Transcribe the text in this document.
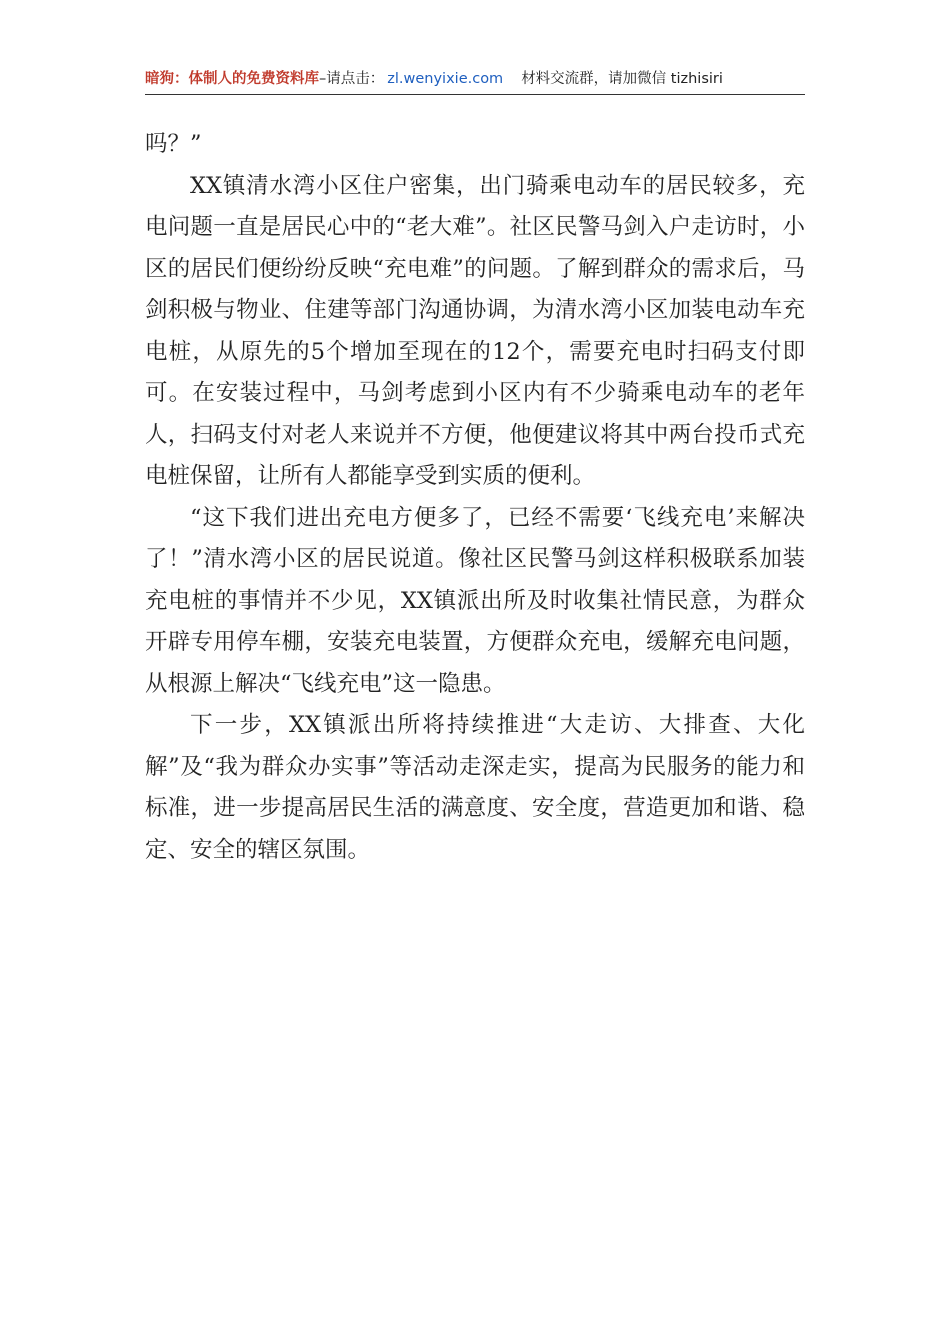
暗狗：体制人的免费资料库–请点击： zl.wenyixie.com 材料交流群，请加微信 tizhisiri

吗？”

XX镇清水湾小区住户密集，出门骑乘电动车的居民较多，充电问题一直是居民心中的“老大难”。社区民警马剑入户走访时，小区的居民们便纷纷反映“充电难”的问题。了解到群众的需求后，马剑积极与物业、住建等部门沟通协调，为清水湾小区加装电动车充电桩，从原先的5个增加至现在的12个，需要充电时扫码支付即可。在安装过程中，马剑考虑到小区内有不少骑乘电动车的老年人，扫码支付对老人来说并不方便，他便建议将其中两台投币式充电桩保留，让所有人都能享受到实质的便利。

“这下我们进出充电方便多了，已经不需要‘飞线充电’来解决了！”清水湾小区的居民说道。像社区民警马剑这样积极联系加装充电桩的事情并不少见，XX镇派出所及时收集社情民意，为群众开辟专用停车棚，安装充电装置，方便群众充电，缓解充电问题，从根源上解决“飞线充电”这一隐患。

下一步，XX镇派出所将持续推进“大走访、大排查、大化解”及“我为群众办实事”等活动走深走实，提高为民服务的能力和标准，进一步提高居民生活的满意度、安全度，营造更加和谐、稳定、安全的辖区氛围。
